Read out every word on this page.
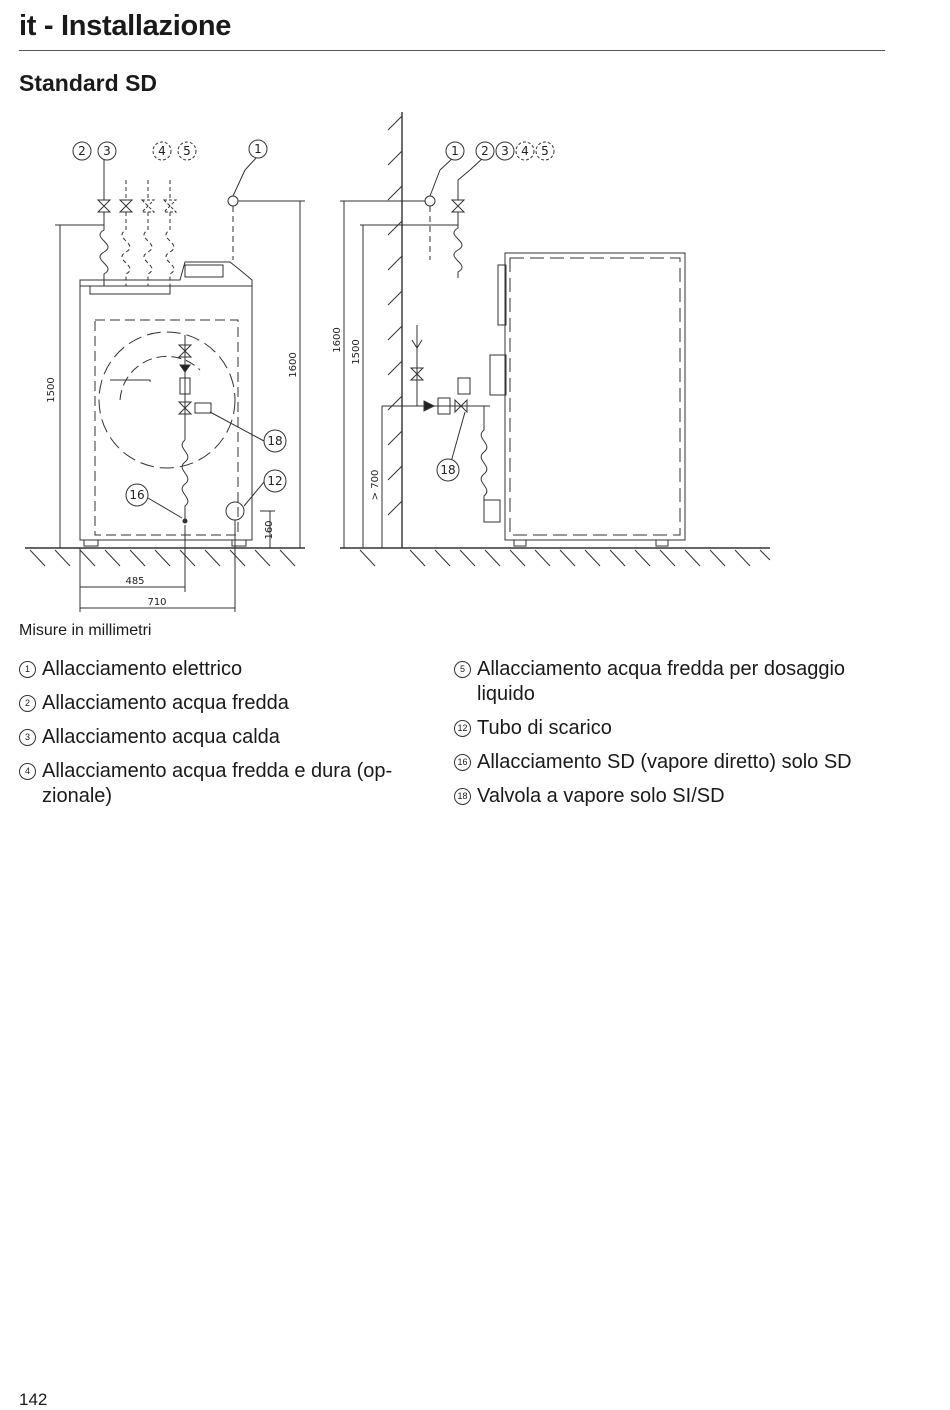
it - Installazione
Standard SD
2 3	4 5	1
18
12
16
1 2 3 4 5
18
1500
1600
160
485
710
1600 1500
> 700
Misure in millimetri
1 Allacciamento elettrico
2 Allacciamento acqua fredda
3 Allacciamento acqua calda
4 Allacciamento acqua fredda e dura (op-zionale)
5 Allacciamento acqua fredda per dosaggio liquido
12 Tubo di scarico
16 Allacciamento SD (vapore diretto) solo SD
18 Valvola a vapore solo SI/SD
142
